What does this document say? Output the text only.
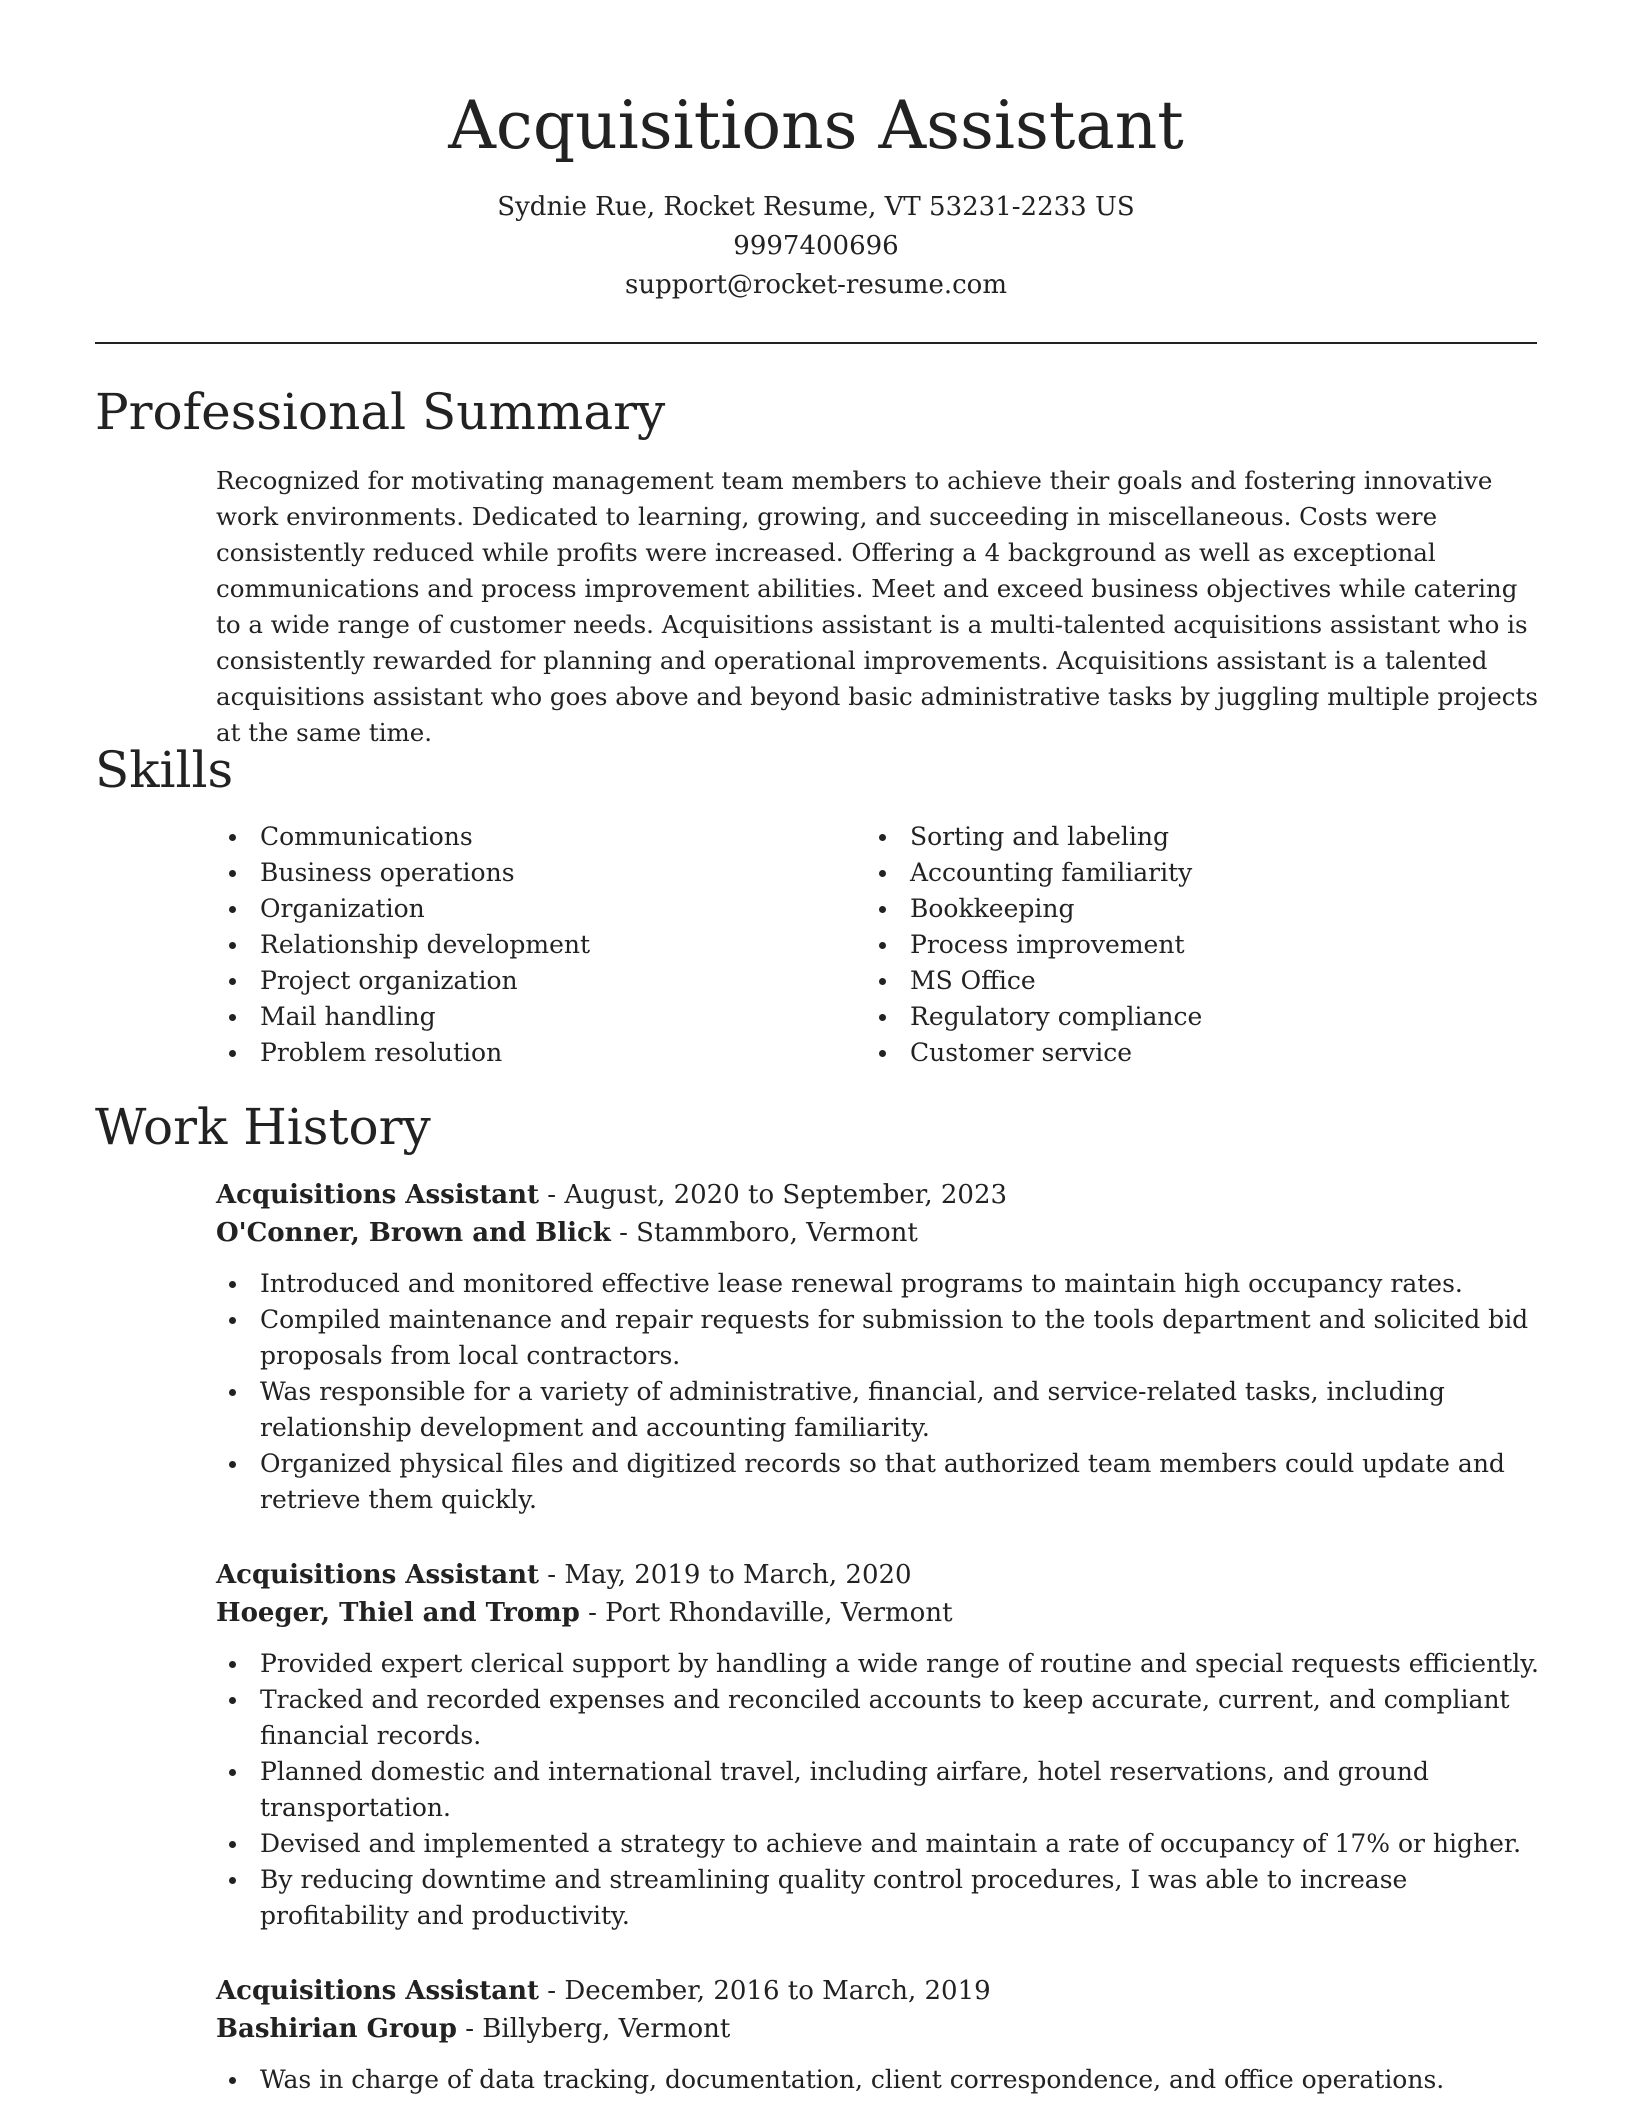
Acquisitions Assistant

Sydnie Rue, Rocket Resume, VT 53231-2233 US

9997400696

support@rocket-resume.com

Professional Summary

Recognized for motivating management team members to achieve their goals and fostering innovative work environments. Dedicated to learning, growing, and succeeding in miscellaneous. Costs were consistently reduced while profits were increased. Offering a 4 background as well as exceptional communications and process improvement abilities. Meet and exceed business objectives while catering to a wide range of customer needs. Acquisitions assistant is a multi-talented acquisitions assistant who is consistently rewarded for planning and operational improvements. Acquisitions assistant is a talented acquisitions assistant who goes above and beyond basic administrative tasks by juggling multiple projects at the same time.

Skills
Communications
Business operations
Organization
Relationship development
Project organization
Mail handling
Problem resolution
Sorting and labeling
Accounting familiarity
Bookkeeping
Process improvement
MS Office
Regulatory compliance
Customer service
Work History

Acquisitions Assistant - August, 2020 to September, 2023

O'Conner, Brown and Blick - Stammboro, Vermont

Introduced and monitored effective lease renewal programs to maintain high occupancy rates.
Compiled maintenance and repair requests for submission to the tools department and solicited bid proposals from local contractors.
Was responsible for a variety of administrative, financial, and service-related tasks, including relationship development and accounting familiarity.
Organized physical files and digitized records so that authorized team members could update and retrieve them quickly.

Acquisitions Assistant - May, 2019 to March, 2020

Hoeger, Thiel and Tromp - Port Rhondaville, Vermont

Provided expert clerical support by handling a wide range of routine and special requests efficiently.
Tracked and recorded expenses and reconciled accounts to keep accurate, current, and compliant financial records.
Planned domestic and international travel, including airfare, hotel reservations, and ground transportation.
Devised and implemented a strategy to achieve and maintain a rate of occupancy of 17% or higher.
By reducing downtime and streamlining quality control procedures, I was able to increase profitability and productivity.

Acquisitions Assistant - December, 2016 to March, 2019

Bashirian Group - Billyberg, Vermont

Was in charge of data tracking, documentation, client correspondence, and office operations.
